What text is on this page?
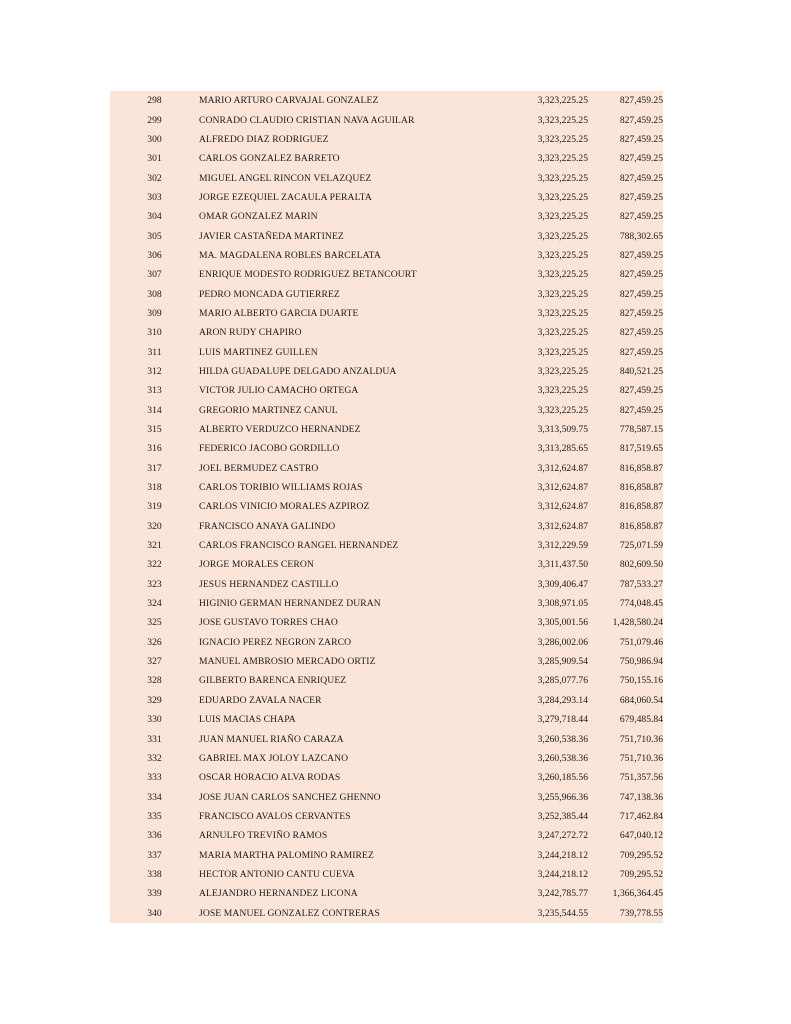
298	MARIO ARTURO CARVAJAL GONZALEZ	3,323,225.25	827,459.25
299	CONRADO CLAUDIO CRISTIAN NAVA AGUILAR	3,323,225.25	827,459.25
300	ALFREDO DIAZ RODRIGUEZ	3,323,225.25	827,459.25
301	CARLOS GONZALEZ BARRETO	3,323,225.25	827,459.25
302	MIGUEL ANGEL RINCON VELAZQUEZ	3,323,225.25	827,459.25
303	JORGE EZEQUIEL ZACAULA PERALTA	3,323,225.25	827,459.25
304	OMAR GONZALEZ MARIN	3,323,225.25	827,459.25
305	JAVIER CASTAÑEDA MARTINEZ	3,323,225.25	788,302.65
306	MA. MAGDALENA ROBLES BARCELATA	3,323,225.25	827,459.25
307	ENRIQUE MODESTO RODRIGUEZ BETANCOURT	3,323,225.25	827,459.25
308	PEDRO MONCADA GUTIERREZ	3,323,225.25	827,459.25
309	MARIO ALBERTO GARCIA DUARTE	3,323,225.25	827,459.25
310	ARON RUDY CHAPIRO	3,323,225.25	827,459.25
311	LUIS MARTINEZ GUILLEN	3,323,225.25	827,459.25
312	HILDA GUADALUPE DELGADO ANZALDUA	3,323,225.25	840,521.25
313	VICTOR JULIO CAMACHO ORTEGA	3,323,225.25	827,459.25
314	GREGORIO MARTINEZ CANUL	3,323,225.25	827,459.25
315	ALBERTO VERDUZCO HERNANDEZ	3,313,509.75	778,587.15
316	FEDERICO JACOBO GORDILLO	3,313,285.65	817,519.65
317	JOEL BERMUDEZ CASTRO	3,312,624.87	816,858.87
318	CARLOS TORIBIO WILLIAMS ROJAS	3,312,624.87	816,858.87
319	CARLOS VINICIO MORALES AZPIROZ	3,312,624.87	816,858.87
320	FRANCISCO ANAYA GALINDO	3,312,624.87	816,858.87
321	CARLOS FRANCISCO RANGEL HERNANDEZ	3,312,229.59	725,071.59
322	JORGE MORALES CERON	3,311,437.50	802,609.50
323	JESUS HERNANDEZ CASTILLO	3,309,406.47	787,533.27
324	HIGINIO GERMAN HERNANDEZ DURAN	3,308,971.05	774,048.45
325	JOSE GUSTAVO TORRES CHAO	3,305,001.56	1,428,580.24
326	IGNACIO PEREZ NEGRON ZARCO	3,286,002.06	751,079.46
327	MANUEL AMBROSIO MERCADO ORTIZ	3,285,909.54	750,986.94
328	GILBERTO BARENCA ENRIQUEZ	3,285,077.76	750,155.16
329	EDUARDO ZAVALA NACER	3,284,293.14	684,060.54
330	LUIS MACIAS CHAPA	3,279,718.44	679,485.84
331	JUAN MANUEL RIAÑO CARAZA	3,260,538.36	751,710.36
332	GABRIEL MAX JOLOY LAZCANO	3,260,538.36	751,710.36
333	OSCAR HORACIO ALVA RODAS	3,260,185.56	751,357.56
334	JOSE JUAN CARLOS SANCHEZ GHENNO	3,255,966.36	747,138.36
335	FRANCISCO AVALOS CERVANTES	3,252,385.44	717,462.84
336	ARNULFO TREVIÑO RAMOS	3,247,272.72	647,040.12
337	MARIA MARTHA PALOMINO RAMIREZ	3,244,218.12	709,295.52
338	HECTOR ANTONIO CANTU CUEVA	3,244,218.12	709,295.52
339	ALEJANDRO HERNANDEZ LICONA	3,242,785.77	1,366,364.45
340	JOSE MANUEL GONZALEZ CONTRERAS	3,235,544.55	739,778.55
